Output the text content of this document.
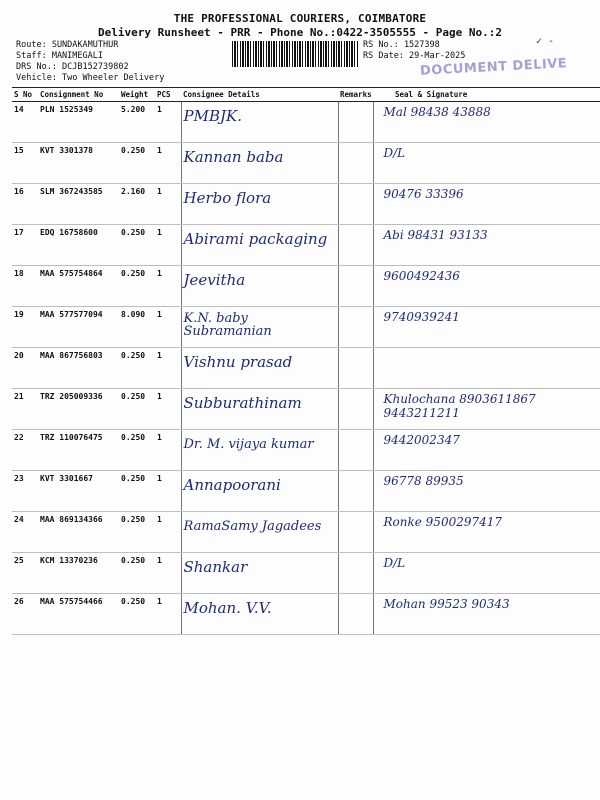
THE PROFESSIONAL COURIERS, COIMBATORE
Delivery Runsheet - PRR - Phone No.:0422-3505555 - Page No.:2
Route: SUNDAKAMUTHUR
Staff: MANIMEGALI
DRS No.: DCJB152739802
Vehicle: Two Wheeler Delivery
RS No.: 1527398
RS Date: 29-Mar-2025
✓ -
DOCUMENT DELIVE
S No	Consignment No	Weight	PCS	Consignee Details	Remarks	Seal & Signature
14	PLN 1525349	5.200	1	PMBJK.		Mal 98438 43888

15	KVT 3301378	0.250	1	Kannan baba		D/L

16	SLM 367243585	2.160	1	Herbo flora		90476 33396

17	EDQ 16758600	0.250	1	Abirami packaging		Abi 98431 93133

18	MAA 575754864	0.250	1	Jeevitha		9600492436

19	MAA 577577094	8.090	1	K.N. baby Subramanian		9740939241

20	MAA 867756803	0.250	1	Vishnu prasad		

21	TRZ 205009336	0.250	1	Subburathinam		Khulochana 8903611867 9443211211

22	TRZ 110076475	0.250	1	Dr. M. vijaya kumar		9442002347

23	KVT 3301667	0.250	1	Annapoorani		96778 89935

24	MAA 869134366	0.250	1	RamaSamy Jagadees		Ronke 9500297417

25	KCM 13370236	0.250	1	Shankar		D/L

26	MAA 575754466	0.250	1	Mohan. V.V.		Mohan 99523 90343
